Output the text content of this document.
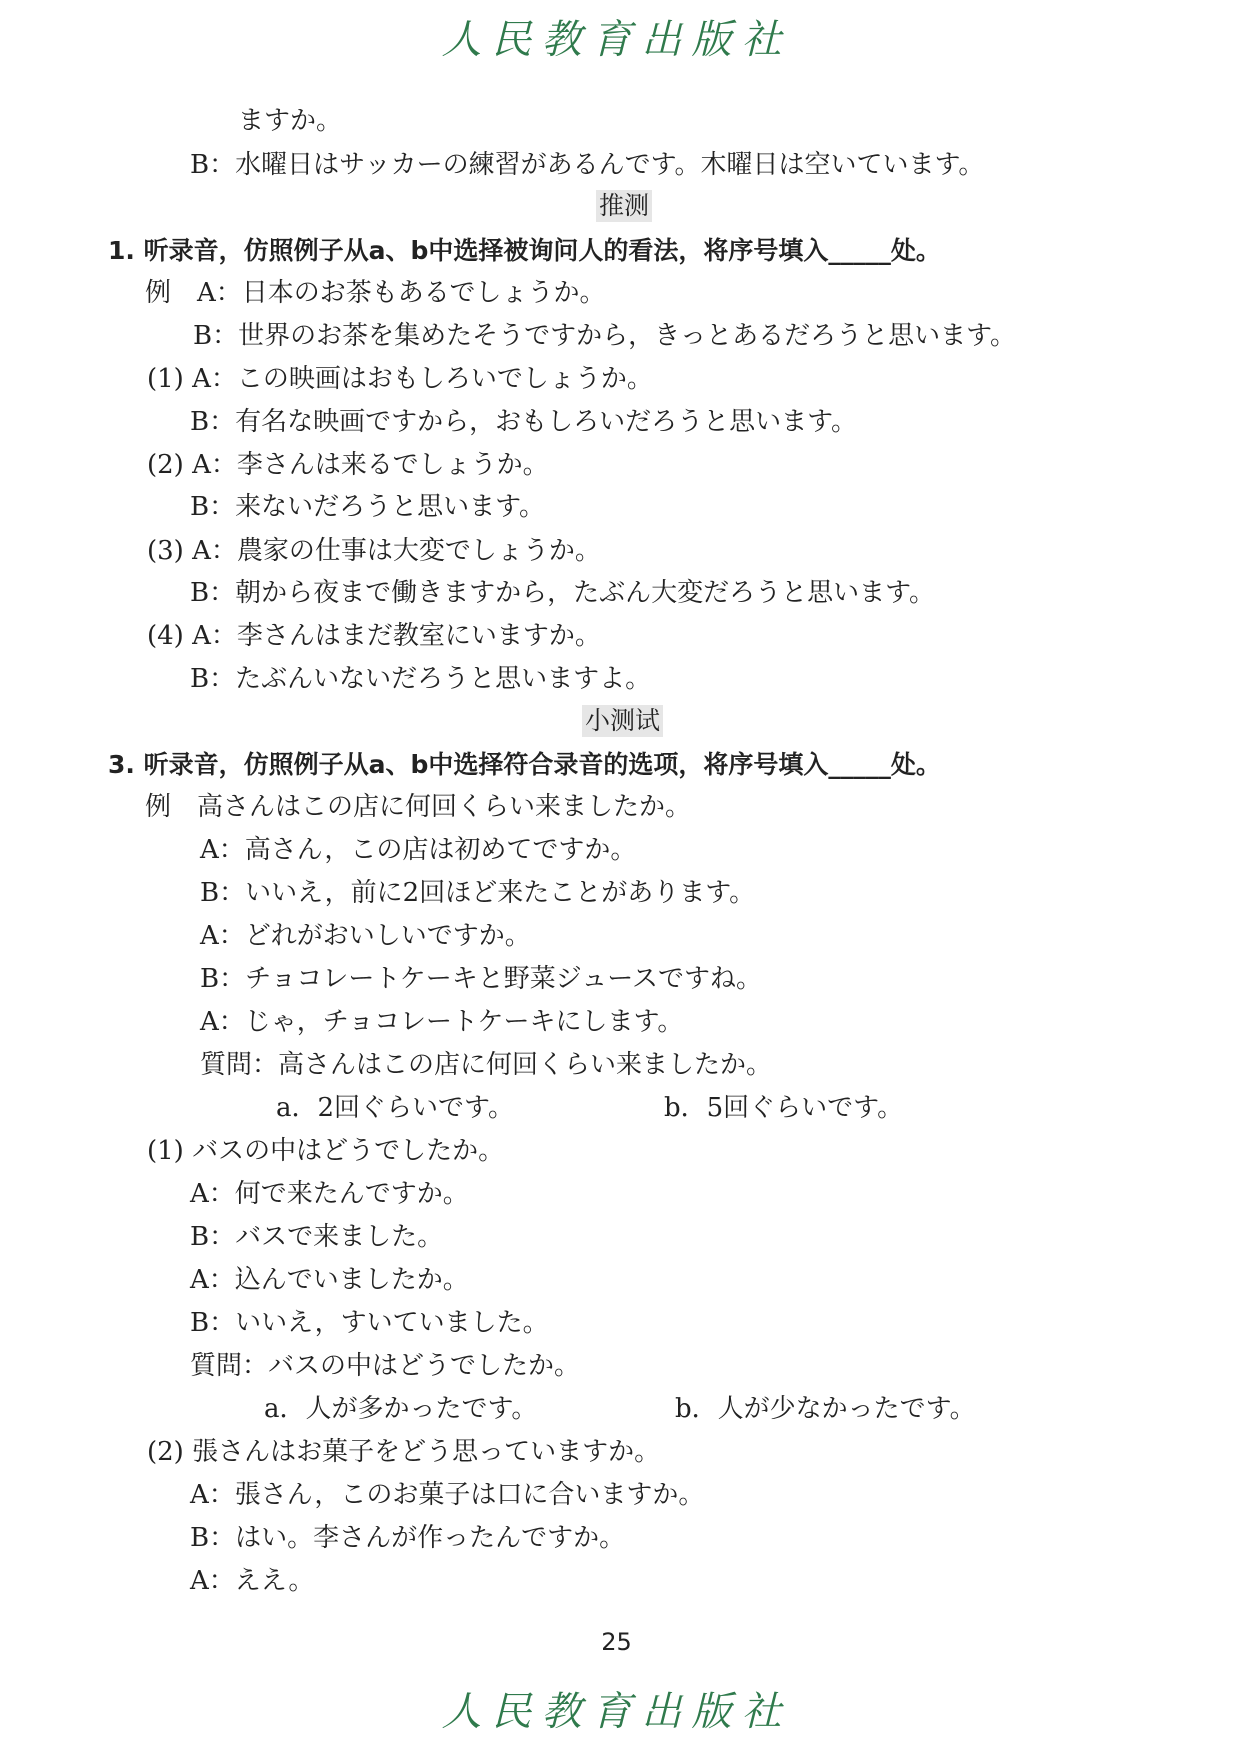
人民教育出版社
ますか。
B：水曜日はサッカーの練習があるんです。木曜日は空いています。
推测
1. 听录音，仿照例子从a、b中选择被询问人的看法，将序号填入_____处。
例　A：日本のお茶もあるでしょうか。
B：世界のお茶を集めたそうですから，きっとあるだろうと思います。
(1) A：この映画はおもしろいでしょうか。
B：有名な映画ですから，おもしろいだろうと思います。
(2) A：李さんは来るでしょうか。
B：来ないだろうと思います。
(3) A：農家の仕事は大変でしょうか。
B：朝から夜まで働きますから，たぶん大変だろうと思います。
(4) A：李さんはまだ教室にいますか。
B：たぶんいないだろうと思いますよ。
小测试
3. 听录音，仿照例子从a、b中选择符合录音的选项，将序号填入_____处。
例　高さんはこの店に何回くらい来ましたか。
A：高さん，この店は初めてですか。
B：いいえ，前に2回ほど来たことがあります。
A：どれがおいしいですか。
B：チョコレートケーキと野菜ジュースですね。
A：じゃ，チョコレートケーキにします。
質問：高さんはこの店に何回くらい来ましたか。
a．2回ぐらいです。	b．5回ぐらいです。
(1) バスの中はどうでしたか。
A：何で来たんですか。
B：バスで来ました。
A：込んでいましたか。
B：いいえ，すいていました。
質問：バスの中はどうでしたか。
a．人が多かったです。	b．人が少なかったです。
(2) 張さんはお菓子をどう思っていますか。
A：張さん，このお菓子は口に合いますか。
B：はい。李さんが作ったんですか。
A：ええ。
25
人民教育出版社
